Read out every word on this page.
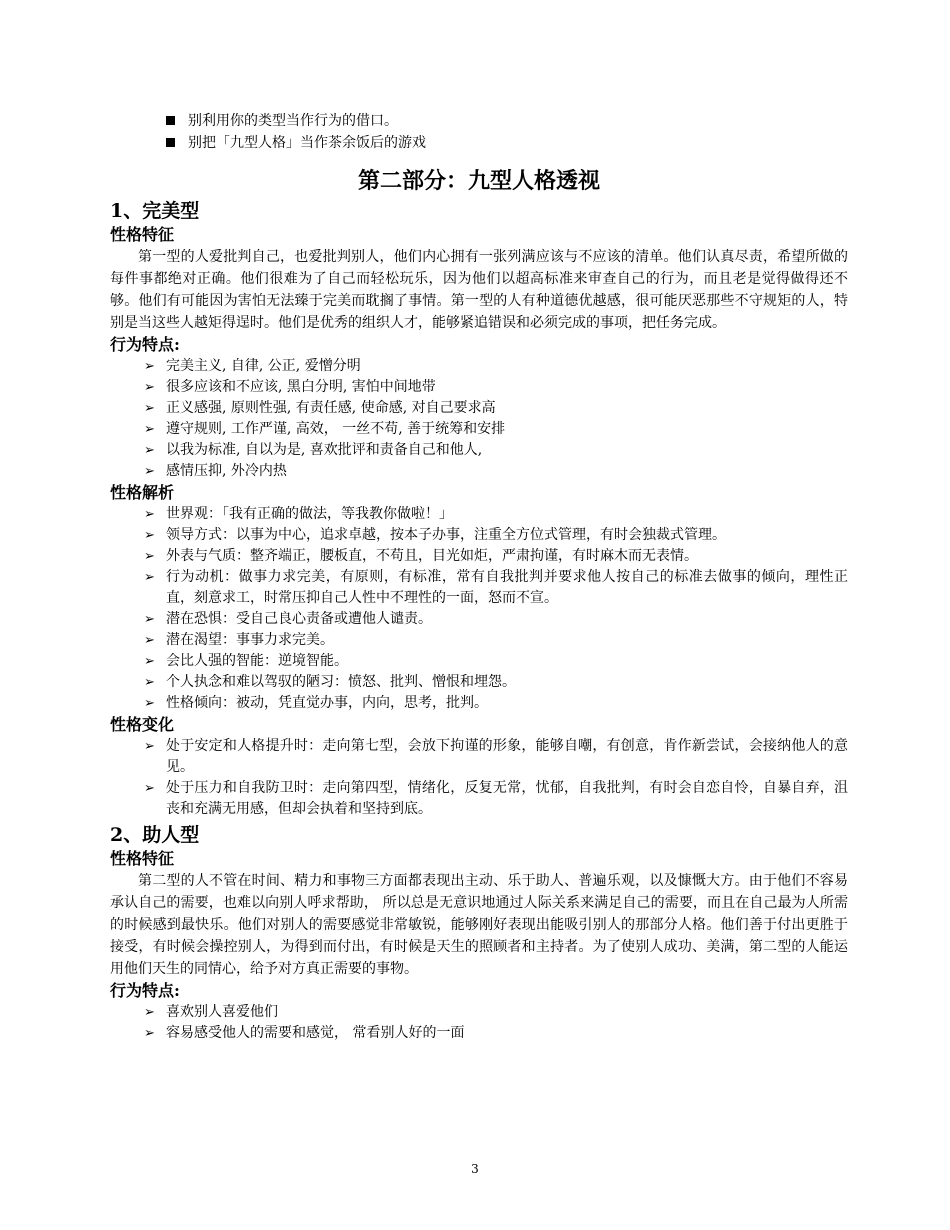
别利用你的类型当作行为的借口。
别把「九型人格」当作茶余饭后的游戏
第二部分：九型人格透视
1、完美型
性格特征

第一型的人爱批判自己，也爱批判别人，他们内心拥有一张列满应该与不应该的清单。他们认真尽责，希望所做的每件事都绝对正确。他们很难为了自己而轻松玩乐，因为他们以超高标准来审查自己的行为，而且老是觉得做得还不够。他们有可能因为害怕无法臻于完美而耽搁了事情。第一型的人有种道德优越感，很可能厌恶那些不守规矩的人，特别是当这些人越矩得逞时。他们是优秀的组织人才，能够紧追错误和必须完成的事项，把任务完成。

行为特点:
➢ 完美主义, 自律, 公正, 爱憎分明
➢ 很多应该和不应该, 黑白分明, 害怕中间地带
➢ 正义感强, 原则性强, 有责任感, 使命感, 对自己要求高
➢ 遵守规则, 工作严谨, 高效， 一丝不苟, 善于统筹和安排
➢ 以我为标准, 自以为是, 喜欢批评和责备自己和他人,
➢ 感情压抑, 外冷内热
性格解析
➢ 世界观：「我有正确的做法，等我教你做啦！」
➢ 领导方式：以事为中心，追求卓越，按本子办事，注重全方位式管理，有时会独裁式管理。
➢ 外表与气质：整齐端正，腰板直，不苟且，目光如炬，严肃拘谨，有时麻木而无表情。
➢ 行为动机：做事力求完美，有原则，有标准，常有自我批判并要求他人按自己的标准去做事的倾向，理性正直，刻意求工，时常压抑自己人性中不理性的一面，怒而不宣。
➢ 潜在恐惧：受自己良心责备或遭他人谴责。
➢ 潜在渴望：事事力求完美。
➢ 会比人强的智能：逆境智能。
➢ 个人执念和难以驾驭的陋习：愤怒、批判、憎恨和埋怨。
➢ 性格倾向：被动，凭直觉办事，内向，思考，批判。
性格变化
➢ 处于安定和人格提升时：走向第七型，会放下拘谨的形象，能够自嘲，有创意，肯作新尝试，会接纳他人的意见。
➢ 处于压力和自我防卫时：走向第四型，情绪化，反复无常，忧郁，自我批判，有时会自恋自怜，自暴自弃，沮丧和充满无用感，但却会执着和坚持到底。
2、助人型
性格特征

第二型的人不管在时间、精力和事物三方面都表现出主动、乐于助人、普遍乐观，以及慷慨大方。由于他们不容易承认自己的需要，也难以向别人呼求帮助， 所以总是无意识地通过人际关系来满足自己的需要，而且在自己最为人所需的时候感到最快乐。他们对别人的需要感觉非常敏锐，能够刚好表现出能吸引别人的那部分人格。他们善于付出更胜于接受，有时候会操控别人，为得到而付出，有时候是天生的照顾者和主持者。为了使别人成功、美满，第二型的人能运用他们天生的同情心，给予对方真正需要的事物。

行为特点:
➢ 喜欢别人喜爱他们
➢ 容易感受他人的需要和感觉， 常看别人好的一面
3
